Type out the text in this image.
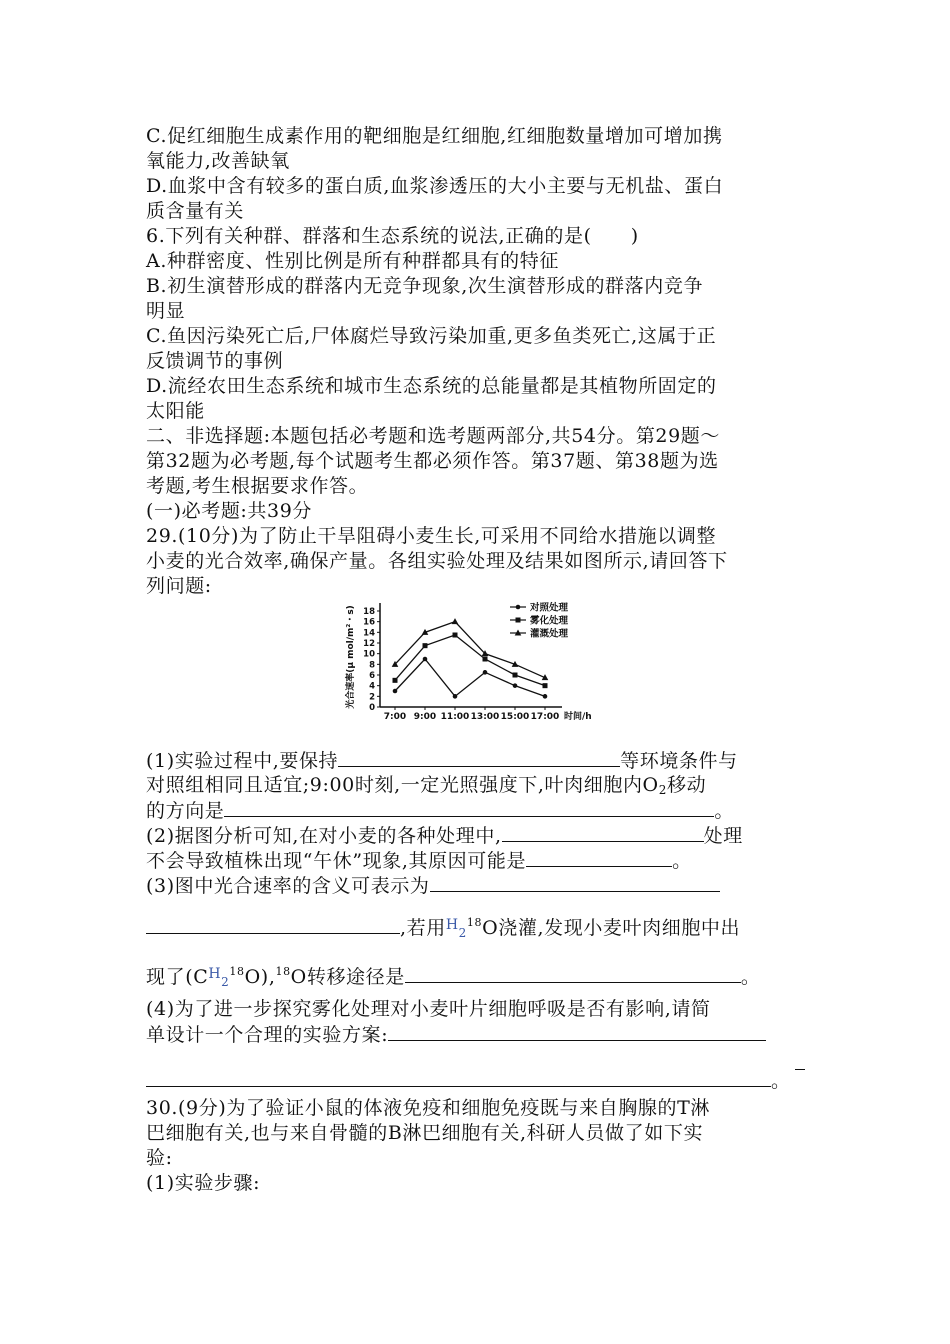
C.促红细胞生成素作用的靶细胞是红细胞,红细胞数量增加可增加携
氧能力,改善缺氧
D.血浆中含有较多的蛋白质,血浆渗透压的大小主要与无机盐、蛋白
质含量有关
6.下列有关种群、群落和生态系统的说法,正确的是(　　)
A.种群密度、性别比例是所有种群都具有的特征
B.初生演替形成的群落内无竞争现象,次生演替形成的群落内竞争
明显
C.鱼因污染死亡后,尸体腐烂导致污染加重,更多鱼类死亡,这属于正
反馈调节的事例
D.流经农田生态系统和城市生态系统的总能量都是其植物所固定的
太阳能
二、非选择题:本题包括必考题和选考题两部分,共54分。第29题～
第32题为必考题,每个试题考生都必须作答。第37题、第38题为选
考题,考生根据要求作答。
(一)必考题:共39分
29.(10分)为了防止干旱阻碍小麦生长,可采用不同给水措施以调整
小麦的光合效率,确保产量。各组实验处理及结果如图所示,请回答下
列问题:
0
2
4
6
8
10
12
14
16
18
7:00 9:00 11:00 13:00 15:00 17:00
对照处理
雾化处理
灌溉处理
光合速率(μ mol/m²・s)
时间/h
(1)实验过程中,要保持	等环境条件与
对照组相同且适宜;9:00时刻,一定光照强度下,叶肉细胞内$O_2$移动
的方向是	。
(2)据图分析可知,在对小麦的各种处理中,	处理
不会导致植株出现“午休”现象,其原因可能是	。
(3)图中光合速率的含义可表示为
,若用$^H_2^{18}$O浇灌,发现小麦叶肉细胞中出
现了$(C^H_2^{18}O),^{18}O$转移途径是	。
(4)为了进一步探究雾化处理对小麦叶片细胞呼吸是否有影响,请简
单设计一个合理的实验方案:
。
30.(9分)为了验证小鼠的体液免疫和细胞免疫既与来自胸腺的T淋
巴细胞有关,也与来自骨髓的B淋巴细胞有关,科研人员做了如下实
验:
(1)实验步骤:
